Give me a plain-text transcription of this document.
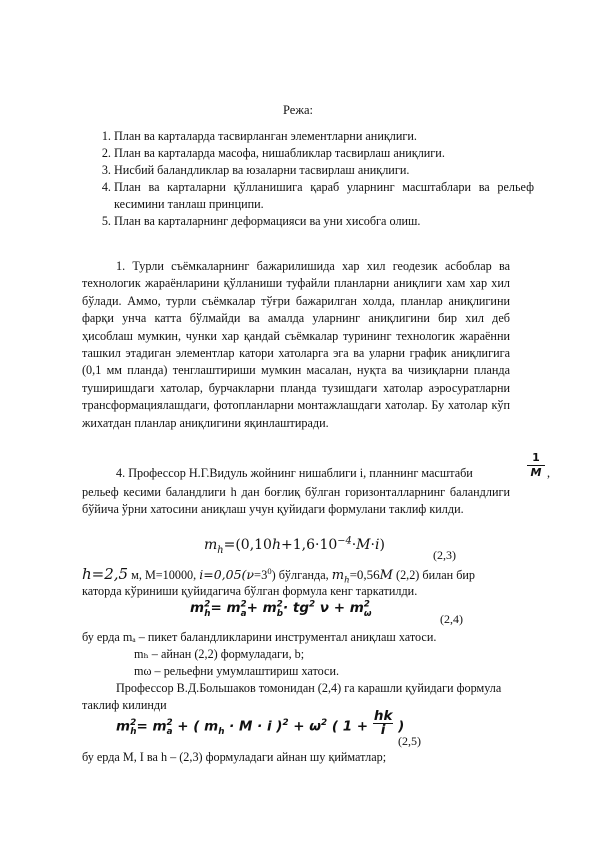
Режа:
1. План ва карталарда тасвирланган элементларни аниқлиги.
2. План ва карталарда масофа, нишабликлар тасвирлаш аниқлиги.
3. Нисбий баландликлар ва юзаларни тасвирлаш аниқлиги.
4. План ва карталарни қўлланишига қараб уларнинг масштаблари ва рельеф кесимини танлаш принципи.
5. План ва карталарнинг деформацияси ва уни хисобга олиш.

1. Турли съёмкаларнинг бажарилишида хар хил геодезик асбоблар ва технологик жараёнларини қўлланиши туфайли планларни аниқлиги хам хар хил бўлади. Аммо, турли съёмкалар тўғри бажарилган холда, планлар аниқлигини фарқи унча катта бўлмайди ва амалда уларнинг аниқлигини бир хил деб ҳисоблаш мумкин, чунки хар қандай съёмкалар турининг технологик жараённи ташкил этадиган элементлар катори хатоларга эга ва уларни график аниқлигига (0,1 мм планда) тенглаштириши мумкин масалан, нуқта ва чизиқларни планда туширишдаги хатолар, бурчакларни планда тузишдаги хатолар аэросуратларни трансформациялашдаги, фотопланларни монтажлашдаги хатолар. Бу хатолар кўп жихатдан планлар аниқлигини яқинлаштиради.

4. Профессор Н.Г.Видуль жойнинг нишаблиги i, планнинг масштаби	$\frac{1}{M}$ ,

рельеф кесими баландлиги h дан боғлиқ бўлган горизонталларнинг баландлиги бўйича ўрни хатосини аниқлаш учун қуйидаги формулани таклиф килди.

$m_h=(0,10h+1,6\cdot 10^{-4}\cdot M\cdot i)$
(2,3)
h=2,5 м, М=10000, $i=0,05(\nu=3^0)$ бўлганда, $m_h=0,56M$ (2,2) билан бир
каторда кўриниши қуйидагича бўлган формула кенг таркатилди.
$m^2_h= m^2_a+ m^2_b\cdot tg^2$ $\nu + m^2_\omega$	(2,4)
бу ерда mₐ – пикет баландликларини инструментал аниқлаш хатоси.
mₕ – айнан (2,2) формуладаги, b;
mω – рельефни умумлаштириш хатоси.
Профессор В.Д.Большаков томонидан (2,4) га карашли қуйидаги формула
таклиф килинди
$m^2_h= m^2_a$ + ( $m_h \cdot M \cdot i$ )$^2 + \omega^2$ ( $1 + \frac{hk}{i}$ )
(2,5)
бу ерда М, I ва h – (2,3) формуладаги айнан шу қийматлар;
